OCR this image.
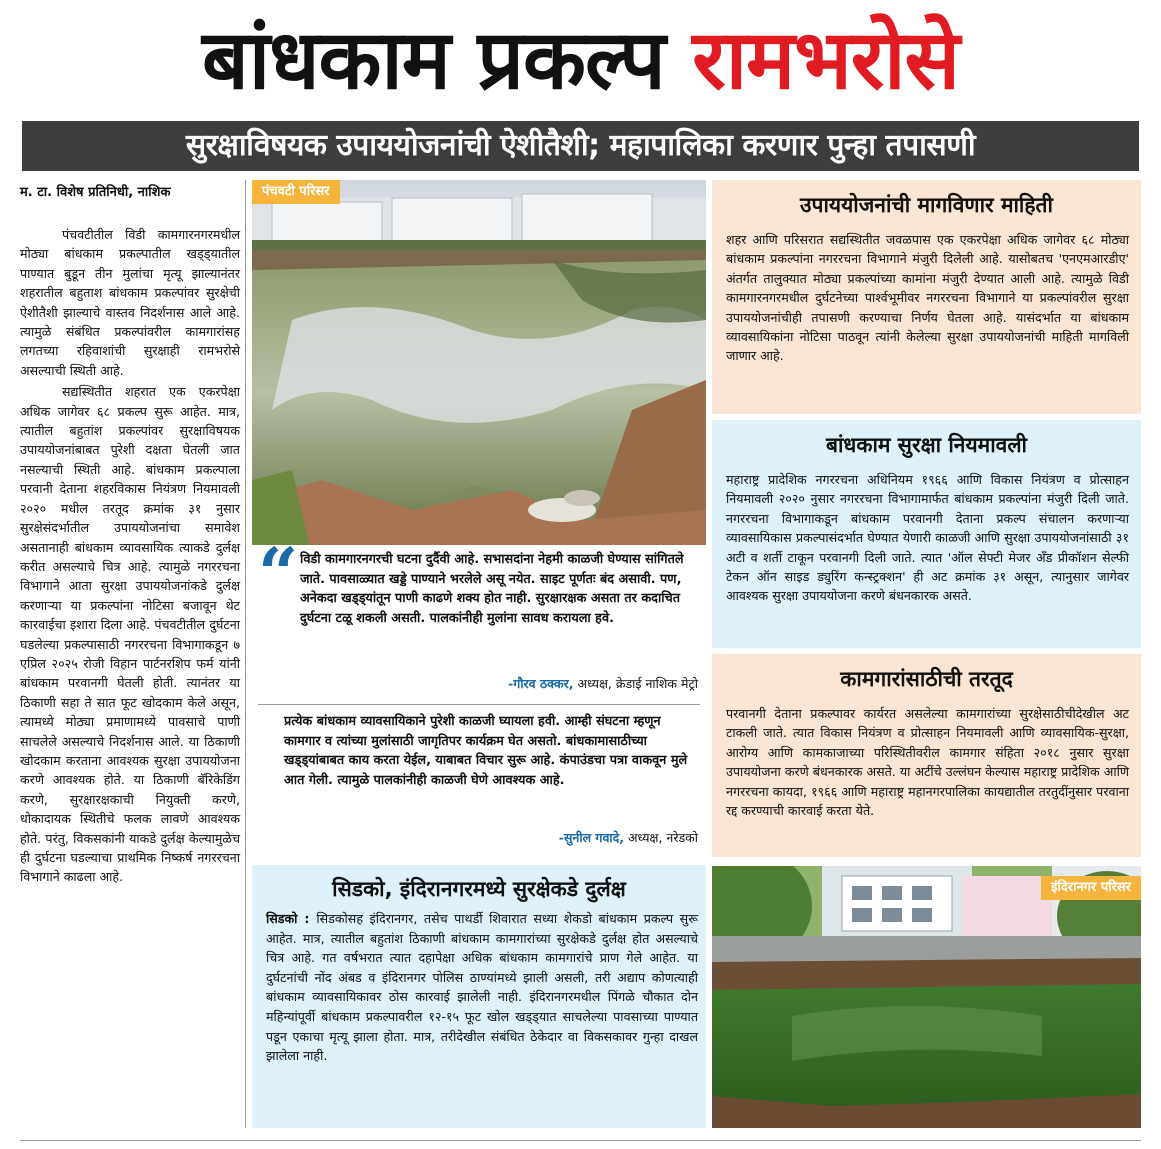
बांधकाम प्रकल्प रामभरोसे
सुरक्षाविषयक उपाययोजनांची ऐशीतैशी; महापालिका करणार पुन्हा तपासणी
म. टा. विशेष प्रतिनिधी, नाशिक

पंचवटीतील विडी कामगारनगरमधील मोठ्या बांधकाम प्रकल्पातील खड्ड्यातील पाण्यात बुडून तीन मुलांचा मृत्यू झाल्यानंतर शहरातील बहुताश बांधकाम प्रकल्पांवर सुरक्षेची ऐशीतैशी झाल्याचे वास्तव निदर्शनास आले आहे. त्यामुळे संबंधित प्रकल्पांवरील कामगारांसह लगतच्या रहिवाशांची सुरक्षाही रामभरोसे असल्याची स्थिती आहे.

सद्यस्थितीत शहरात एक एकरपेक्षा अधिक जागेवर ६८ प्रकल्प सुरू आहेत. मात्र, त्यातील बहुतांश प्रकल्पांवर सुरक्षाविषयक उपाययोजनांबाबत पुरेशी दक्षता घेतली जात नसल्याची स्थिती आहे. बांधकाम प्रकल्पाला परवानी देताना शहरविकास नियंत्रण नियमावली २०२० मधील तरतूद क्रमांक ३१ नुसार सुरक्षेसंदर्भातील उपाययोजनांचा समावेश असतानाही बांधकाम व्यावसायिक त्याकडे दुर्लक्ष करीत असल्याचे चित्र आहे. त्यामुळे नगररचना विभागाने आता सुरक्षा उपाययोजनांकडे दुर्लक्ष करणाऱ्या या प्रकल्पांना नोटिसा बजावून थेट कारवाईचा इशारा दिला आहे. पंचवटीतील दुर्घटना घडलेल्या प्रकल्पासाठी नगररचना विभागाकडून ७ एप्रिल २०२५ रोजी विहान पार्टनरशिप फर्म यांनी बांधकाम परवानगी घेतली होती. त्यानंतर या ठिकाणी सहा ते सात फूट खोदकाम केले असून, त्यामध्ये मोठ्या प्रमाणामध्ये पावसाचे पाणी साचलेले असल्याचे निदर्शनास आले. या ठिकाणी खोदकाम करताना आवश्यक सुरक्षा उपाययोजना करणे आवश्यक होते. या ठिकाणी बॅरिकेडिंग करणे, सुरक्षारक्षकाची नियुक्ती करणे, धोकादायक स्थितीचे फलक लावणे आवश्यक होते. परंतु, विकसकांनी याकडे दुर्लक्ष केल्यामुळेच ही दुर्घटना घडल्याचा प्राथमिक निष्कर्ष नगररचना विभागाने काढला आहे.

पंचवटी परिसर
“ विडी कामगारनगरची घटना दुर्दैवी आहे. सभासदांना नेहमी काळजी घेण्यास सांगितले जाते. पावसाळ्यात खड्डे पाण्याने भरलेले असू नयेत. साइट पूर्णतः बंद असावी. पण, अनेकदा खड्ड्यांतून पाणी काढणे शक्य होत नाही. सुरक्षारक्षक असता तर कदाचित दुर्घटना टळू शकली असती. पालकांनीही मुलांना सावध करायला हवे.
-गौरव ठक्कर, अध्यक्ष, क्रेडाई नाशिक मेट्रो
प्रत्येक बांधकाम व्यावसायिकाने पुरेशी काळजी घ्यायला हवी. आम्ही संघटना म्हणून कामगार व त्यांच्या मुलांसाठी जागृतिपर कार्यक्रम घेत असतो. बांधकामासाठीच्या खड्ड्यांबाबत काय करता येईल, याबाबत विचार सुरू आहे. कंपाउंडचा पत्रा वाकवून मुले आत गेली. त्यामुळे पालकांनीही काळजी घेणे आवश्यक आहे.
-सुनील गवादे, अध्यक्ष, नरेडको
सिडको, इंदिरानगरमध्ये सुरक्षेकडे दुर्लक्ष
सिडको : सिडकोसह इंदिरानगर, तसेच पाथर्डी शिवारात सध्या शेकडो बांधकाम प्रकल्प सुरू आहेत. मात्र, त्यातील बहुतांश ठिकाणी बांधकाम कामगारांच्या सुरक्षेकडे दुर्लक्ष होत असल्याचे चित्र आहे. गत वर्षभरात त्यात दहापेक्षा अधिक बांधकाम कामगारांचे प्राण गेले आहेत. या दुर्घटनांची नोंद अंबड व इंदिरानगर पोलिस ठाण्यांमध्ये झाली असली, तरी अद्याप कोणत्याही बांधकाम व्यावसायिकावर ठोस कारवाई झालेली नाही. इंदिरानगरमधील पिंगळे चौकात दोन महिन्यांपूर्वी बांधकाम प्रकल्पावरील १२-१५ फूट खोल खड्ड्यात साचलेल्या पावसाच्या पाण्यात पडून एकाचा मृत्यू झाला होता. मात्र, तरीदेखील संबंधित ठेकेदार वा विकसकावर गुन्हा दाखल झालेला नाही.
उपाययोजनांची मागविणार माहिती
शहर आणि परिसरात सद्यस्थितीत जवळपास एक एकरपेक्षा अधिक जागेवर ६८ मोठ्या बांधकाम प्रकल्पांना नगररचना विभागाने मंजुरी दिलेली आहे. यासोबतच 'एनएमआरडीए' अंतर्गत तालुक्यात मोठ्या प्रकल्पांच्या कामांना मंजुरी देण्यात आली आहे. त्यामुळे विडी कामगारनगरमधील दुर्घटनेच्या पार्श्वभूमीवर नगररचना विभागाने या प्रकल्पांवरील सुरक्षा उपाययोजनांचीही तपासणी करण्याचा निर्णय घेतला आहे. यासंदर्भात या बांधकाम व्यावसायिकांना नोटिसा पाठवून त्यांनी केलेल्या सुरक्षा उपाययोजनांची माहिती मागविली जाणार आहे.
बांधकाम सुरक्षा नियमावली
महाराष्ट्र प्रादेशिक नगररचना अधिनियम १९६६ आणि विकास नियंत्रण व प्रोत्साहन नियमावली २०२० नुसार नगररचना विभागामार्फत बांधकाम प्रकल्पांना मंजुरी दिली जाते. नगररचना विभागाकडून बांधकाम परवानगी देताना प्रकल्प संचालन करणाऱ्या व्यावसायिकास प्रकल्पासंदर्भात घेण्यात येणारी काळजी आणि सुरक्षा उपाययोजनांसाठी ३१ अटी व शर्ती टाकून परवानगी दिली जाते. त्यात 'ऑल सेफ्टी मेजर अँड प्रीकॉशन सेल्फी टेकन ऑन साइड ड्युरिंग कन्स्ट्रक्शन' ही अट क्रमांक ३१ असून, त्यानुसार जागेवर आवश्यक सुरक्षा उपाययोजना करणे बंधनकारक असते.
कामगारांसाठीची तरतूद
परवानगी देताना प्रकल्पावर कार्यरत असलेल्या कामगारांच्या सुरक्षेसाठीचीदेखील अट टाकली जाते. त्यात विकास नियंत्रण व प्रोत्साहन नियमावली आणि व्यावसायिक-सुरक्षा, आरोग्य आणि कामकाजाच्या परिस्थितीवरील कामगार संहिता २०१८ नुसार सुरक्षा उपाययोजना करणे बंधनकारक असते. या अटींचे उल्लंघन केल्यास महाराष्ट्र प्रादेशिक आणि नगररचना कायदा, १९६६ आणि महाराष्ट्र महानगरपालिका कायद्यातील तरतुदींनुसार परवाना रद्द करण्याची कारवाई करता येते.
इंदिरानगर परिसर
